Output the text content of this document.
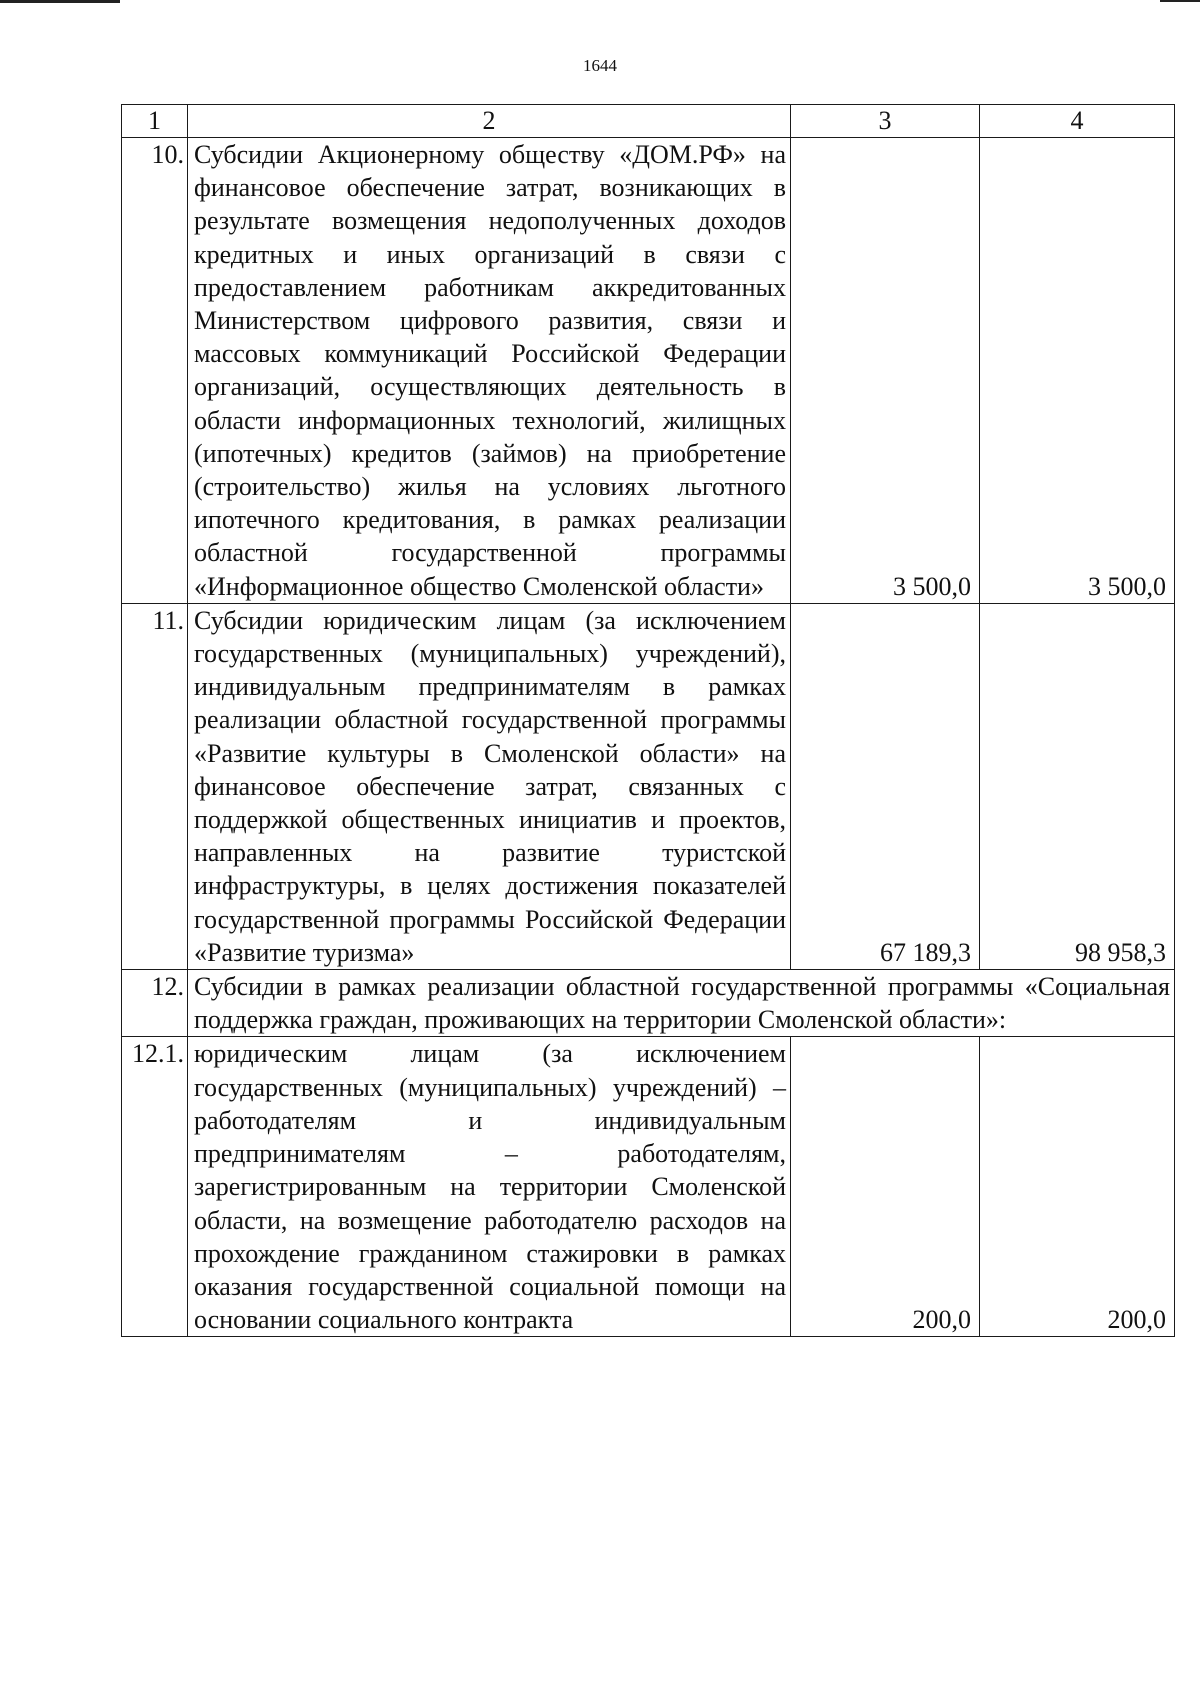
1644
1	2	3	4
10.	Субсидии Акционерному обществу «ДОМ.РФ» на финансовое обеспечение затрат, возникающих в результате возмещения недополученных доходов кредитных и иных организаций в связи с предоставлением работникам аккредитованных Министерством цифрового развития, связи и массовых коммуникаций Российской Федерации организаций, осуществляющих деятельность в области информационных технологий, жилищных (ипотечных) кредитов (займов) на приобретение (строительство) жилья на условиях льготного ипотечного кредитования, в рамках реализации областной государственной программы «Информационное общество Смоленской области»	3 500,0	3 500,0
11.	Субсидии юридическим лицам (за исключением государственных (муниципальных) учреждений), индивидуальным предпринимателям в рамках реализации областной государственной программы «Развитие культуры в Смоленской области» на финансовое обеспечение затрат, связанных с поддержкой общественных инициатив и проектов, направленных на развитие туристской инфраструктуры, в целях достижения показателей государственной программы Российской Федерации «Развитие туризма»	67 189,3	98 958,3
12.	Субсидии в рамках реализации областной государственной программы «Социальная поддержка граждан, проживающих на территории Смоленской области»:		
12.1.	юридическим лицам (за исключением государственных (муниципальных) учреждений) – работодателям и индивидуальным предпринимателям – работодателям, зарегистрированным на территории Смоленской области, на возмещение работодателю расходов на прохождение гражданином стажировки в рамках оказания государственной социальной помощи на основании социального контракта	200,0	200,0
